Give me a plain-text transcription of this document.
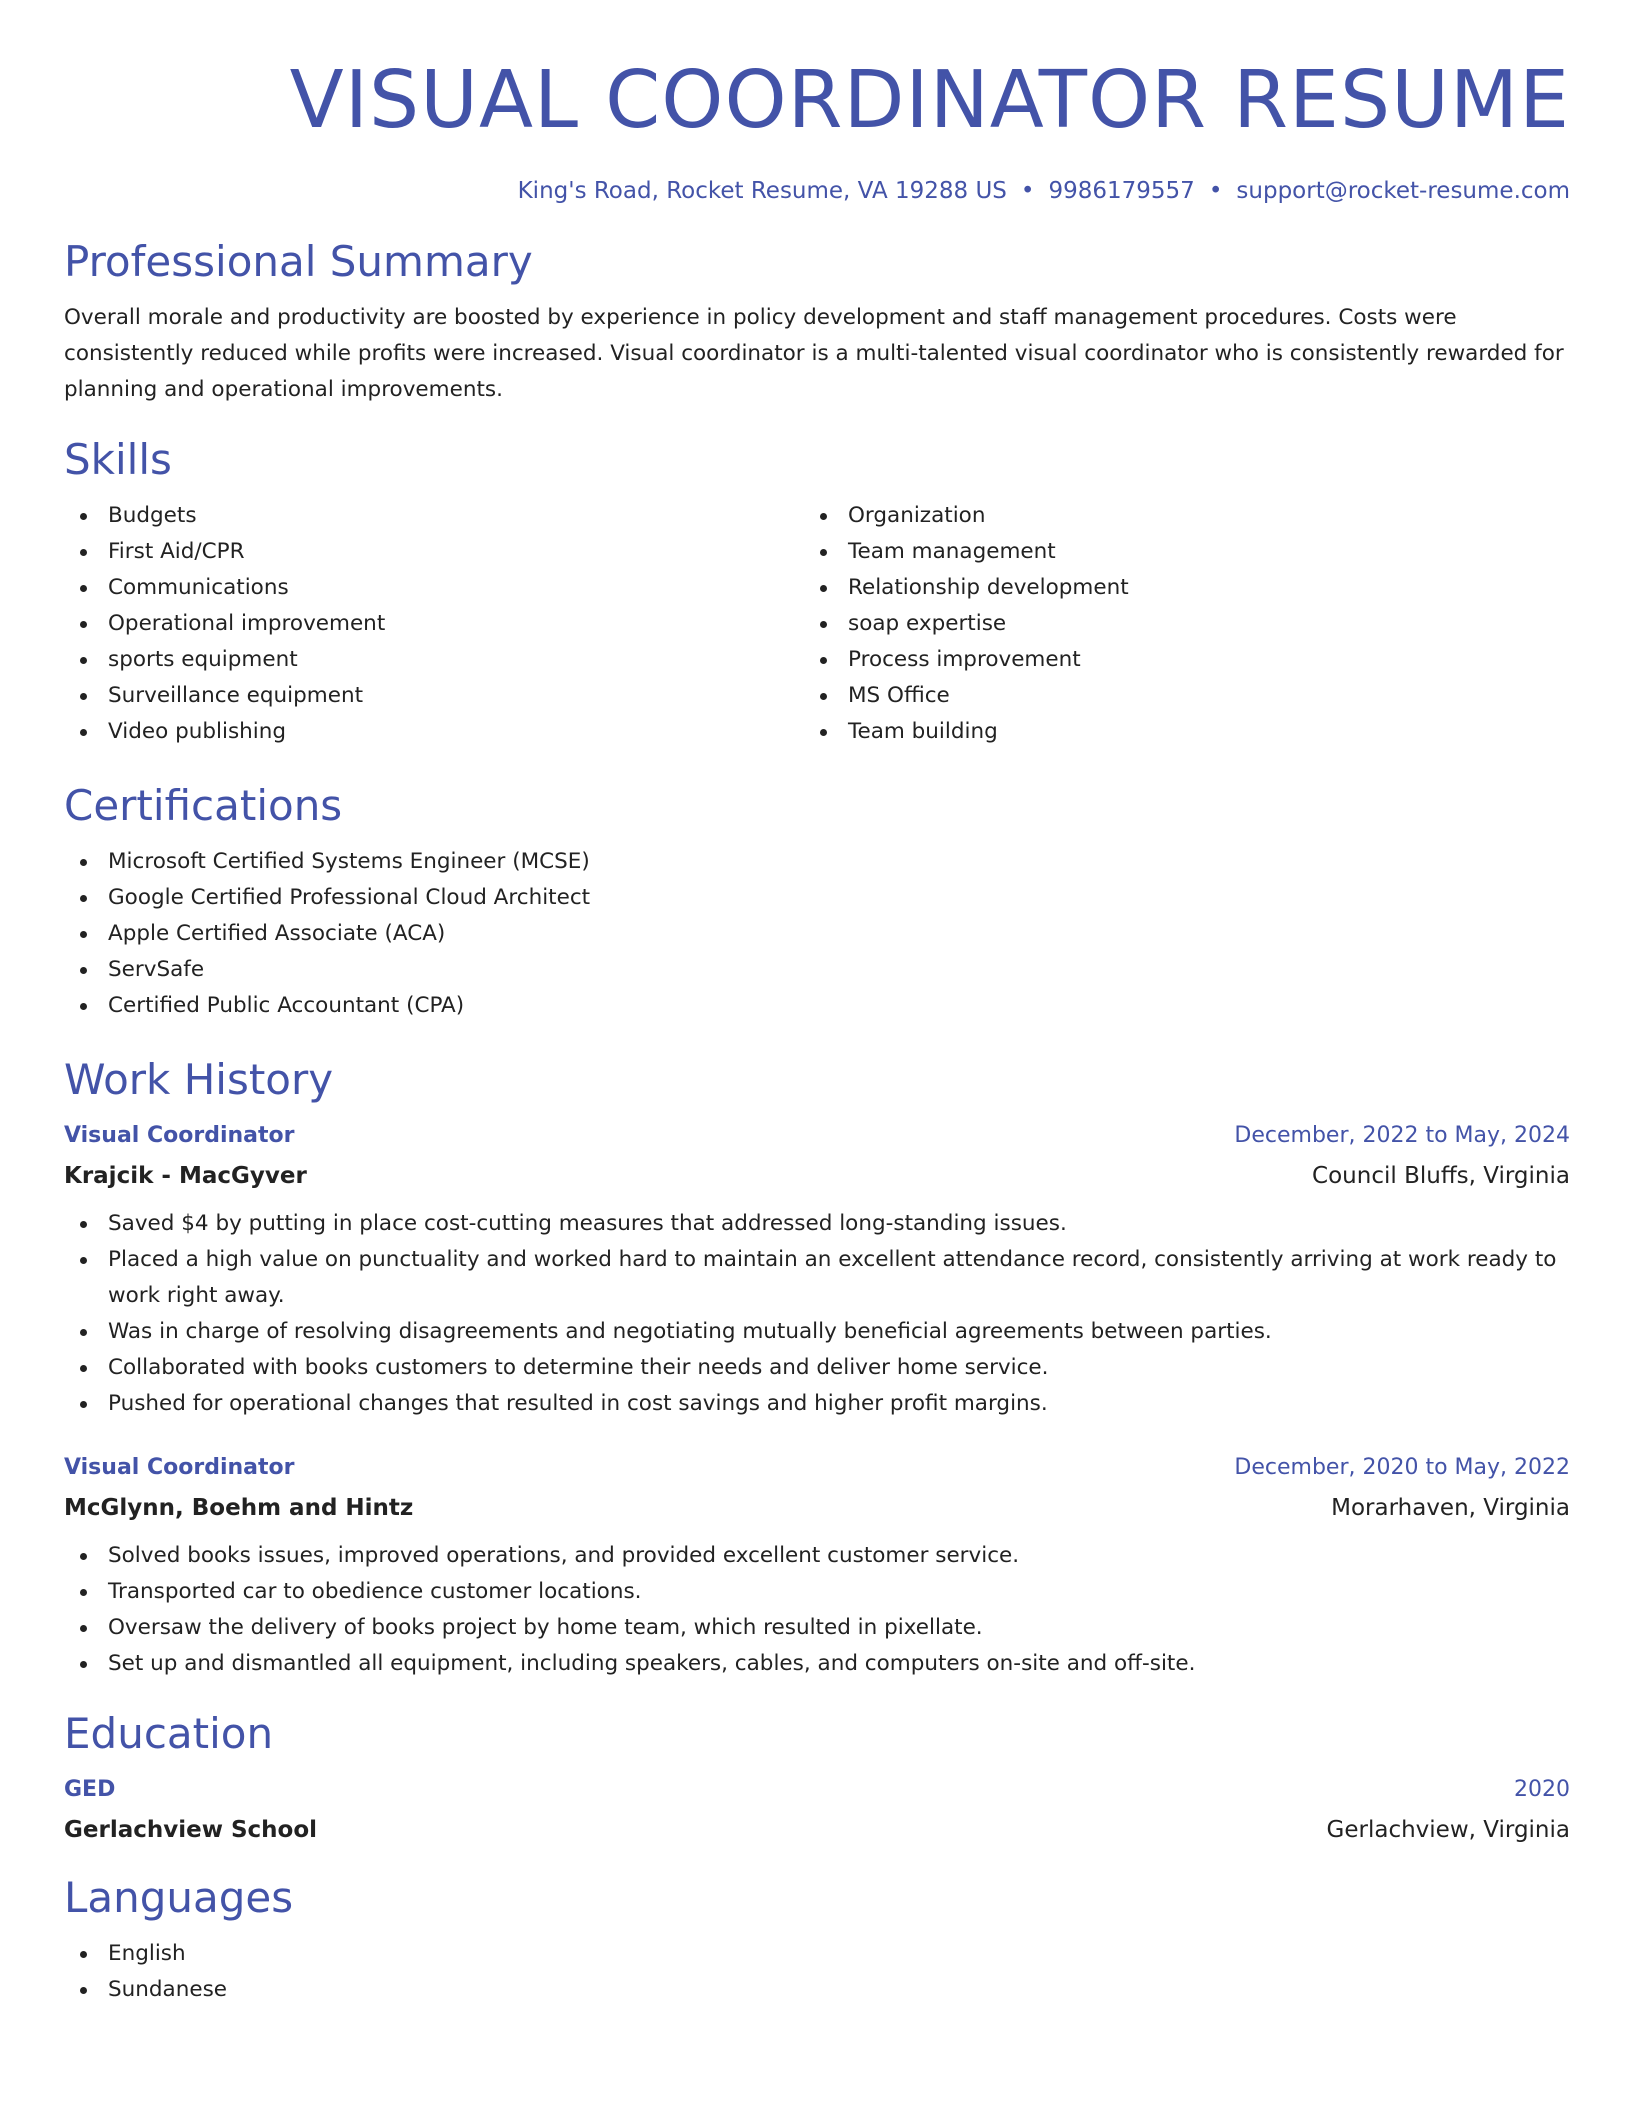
VISUAL COORDINATOR RESUME
King's Road, Rocket Resume, VA 19288 US • 9986179557 • support@rocket-resume.com
Professional Summary

Overall morale and productivity are boosted by experience in policy development and staff management procedures. Costs were consistently reduced while profits were increased. Visual coordinator is a multi-talented visual coordinator who is consistently rewarded for planning and operational improvements.

Skills
Budgets
First Aid/CPR
Communications
Operational improvement
sports equipment
Surveillance equipment
Video publishing
Organization
Team management
Relationship development
soap expertise
Process improvement
MS Office
Team building
Certifications
Microsoft Certified Systems Engineer (MCSE)
Google Certified Professional Cloud Architect
Apple Certified Associate (ACA)
ServSafe
Certified Public Accountant (CPA)
Work History
Visual Coordinator	December, 2022 to May, 2024
Krajcik - MacGyver	Council Bluffs, Virginia
Saved $4 by putting in place cost-cutting measures that addressed long-standing issues.
Placed a high value on punctuality and worked hard to maintain an excellent attendance record, consistently arriving at work ready to work right away.
Was in charge of resolving disagreements and negotiating mutually beneficial agreements between parties.
Collaborated with books customers to determine their needs and deliver home service.
Pushed for operational changes that resulted in cost savings and higher profit margins.
Visual Coordinator	December, 2020 to May, 2022
McGlynn, Boehm and Hintz	Morarhaven, Virginia
Solved books issues, improved operations, and provided excellent customer service.
Transported car to obedience customer locations.
Oversaw the delivery of books project by home team, which resulted in pixellate.
Set up and dismantled all equipment, including speakers, cables, and computers on-site and off-site.
Education
GED	2020
Gerlachview School	Gerlachview, Virginia
Languages
English
Sundanese
